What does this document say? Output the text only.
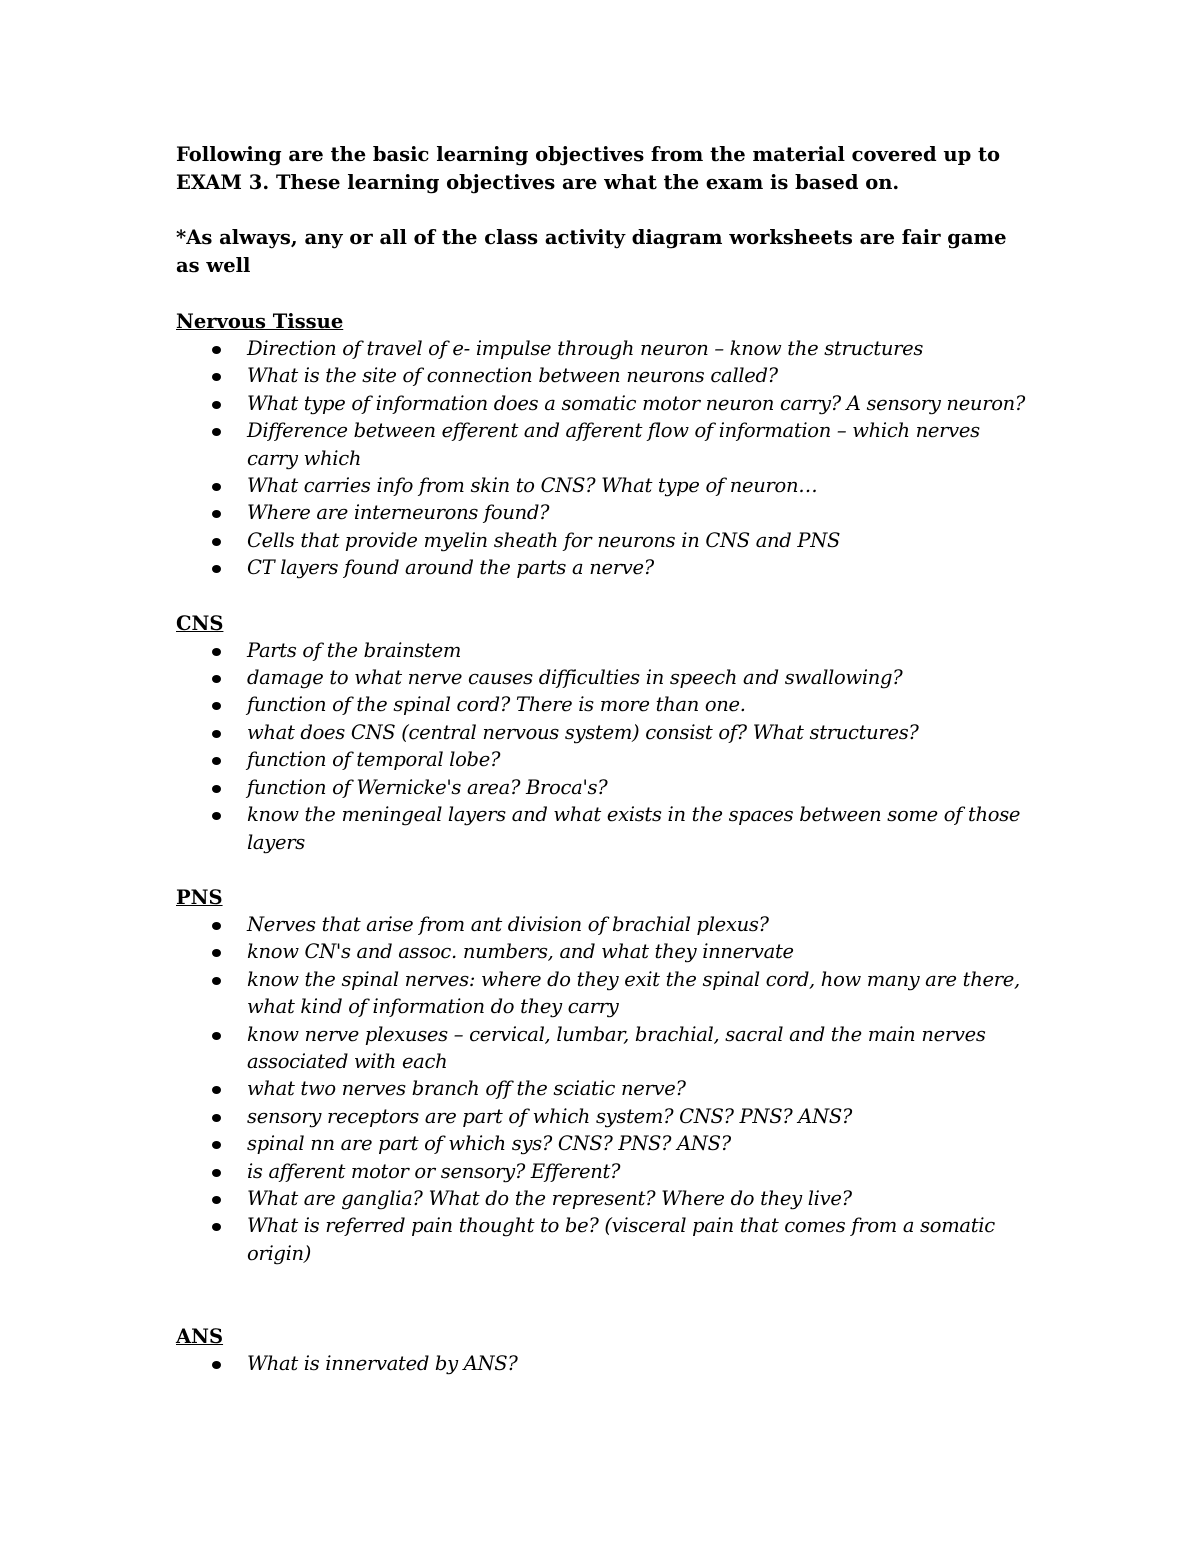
Following are the basic learning objectives from the material covered up to
EXAM 3. These learning objectives are what the exam is based on.

*As always, any or all of the class activity diagram worksheets are fair game as well

Nervous Tissue

Direction of travel of e- impulse through neuron – know the structures
What is the site of connection between neurons called?
What type of information does a somatic motor neuron carry? A sensory neuron?
Difference between efferent and afferent flow of information – which nerves carry which
What carries info from skin to CNS? What type of neuron…
Where are interneurons found?
Cells that provide myelin sheath for neurons in CNS and PNS
CT layers found around the parts a nerve?

CNS

Parts of the brainstem
damage to what nerve causes difficulties in speech and swallowing?
function of the spinal cord? There is more than one.
what does CNS (central nervous system) consist of? What structures?
function of temporal lobe?
function of Wernicke's area? Broca's?
know the meningeal layers and what exists in the spaces between some of those layers

PNS

Nerves that arise from ant division of brachial plexus?
know CN's and assoc. numbers, and what they innervate
know the spinal nerves: where do they exit the spinal cord, how many are there, what kind of information do they carry
know nerve plexuses – cervical, lumbar, brachial, sacral and the main nerves associated with each
what two nerves branch off the sciatic nerve?
sensory receptors are part of which system? CNS? PNS? ANS?
spinal nn are part of which sys? CNS? PNS? ANS?
is afferent motor or sensory? Efferent?
What are ganglia? What do the represent? Where do they live?
What is referred pain thought to be? (visceral pain that comes from a somatic origin)

ANS

What is innervated by ANS?
